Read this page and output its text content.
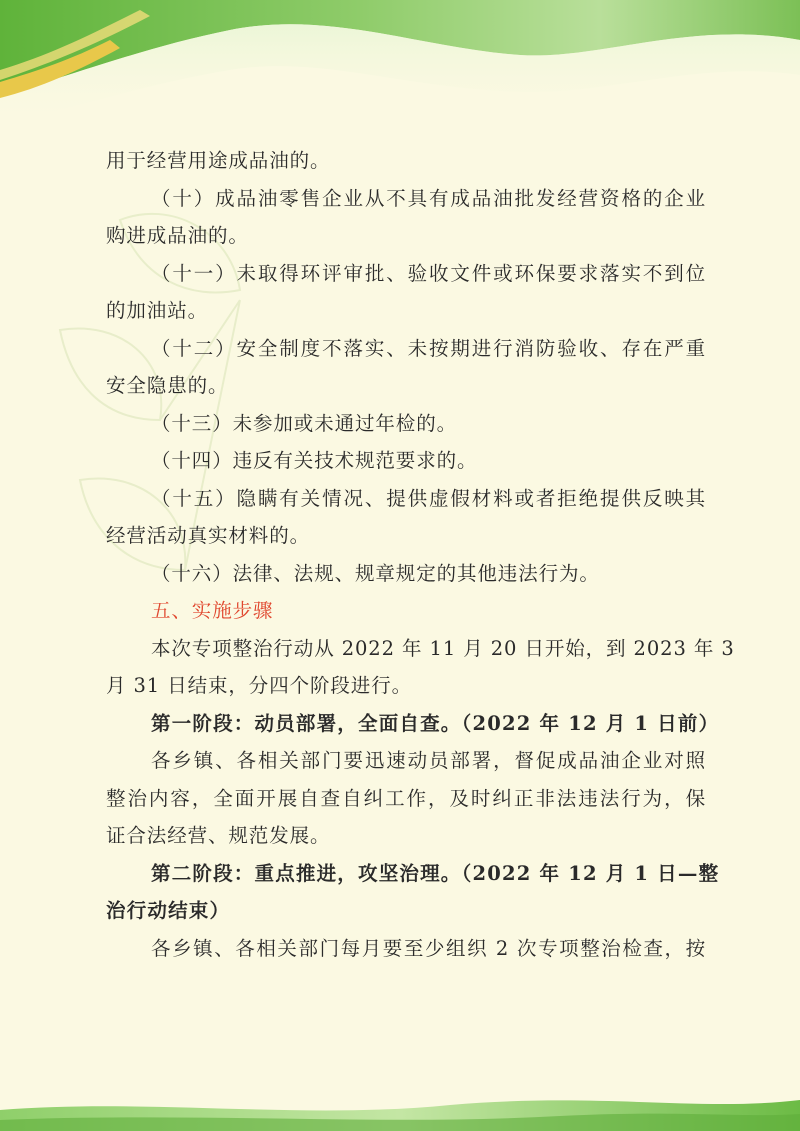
用于经营用途成品油的。
（十）成品油零售企业从不具有成品油批发经营资格的企业
购进成品油的。
（十一）未取得环评审批、验收文件或环保要求落实不到位
的加油站。
（十二）安全制度不落实、未按期进行消防验收、存在严重
安全隐患的。
（十三）未参加或未通过年检的。
（十四）违反有关技术规范要求的。
（十五）隐瞒有关情况、提供虚假材料或者拒绝提供反映其
经营活动真实材料的。
（十六）法律、法规、规章规定的其他违法行为。
五、实施步骤
本次专项整治行动从 2022 年 11 月 20 日开始，到 2023 年 3
月 31 日结束，分四个阶段进行。
第一阶段：动员部署，全面自查。（2022 年 12 月 1 日前）
各乡镇、各相关部门要迅速动员部署，督促成品油企业对照
整治内容，全面开展自查自纠工作，及时纠正非法违法行为，保
证合法经营、规范发展。
第二阶段：重点推进，攻坚治理。（2022 年 12 月 1 日—整
治行动结束）
各乡镇、各相关部门每月要至少组织 2 次专项整治检查，按
